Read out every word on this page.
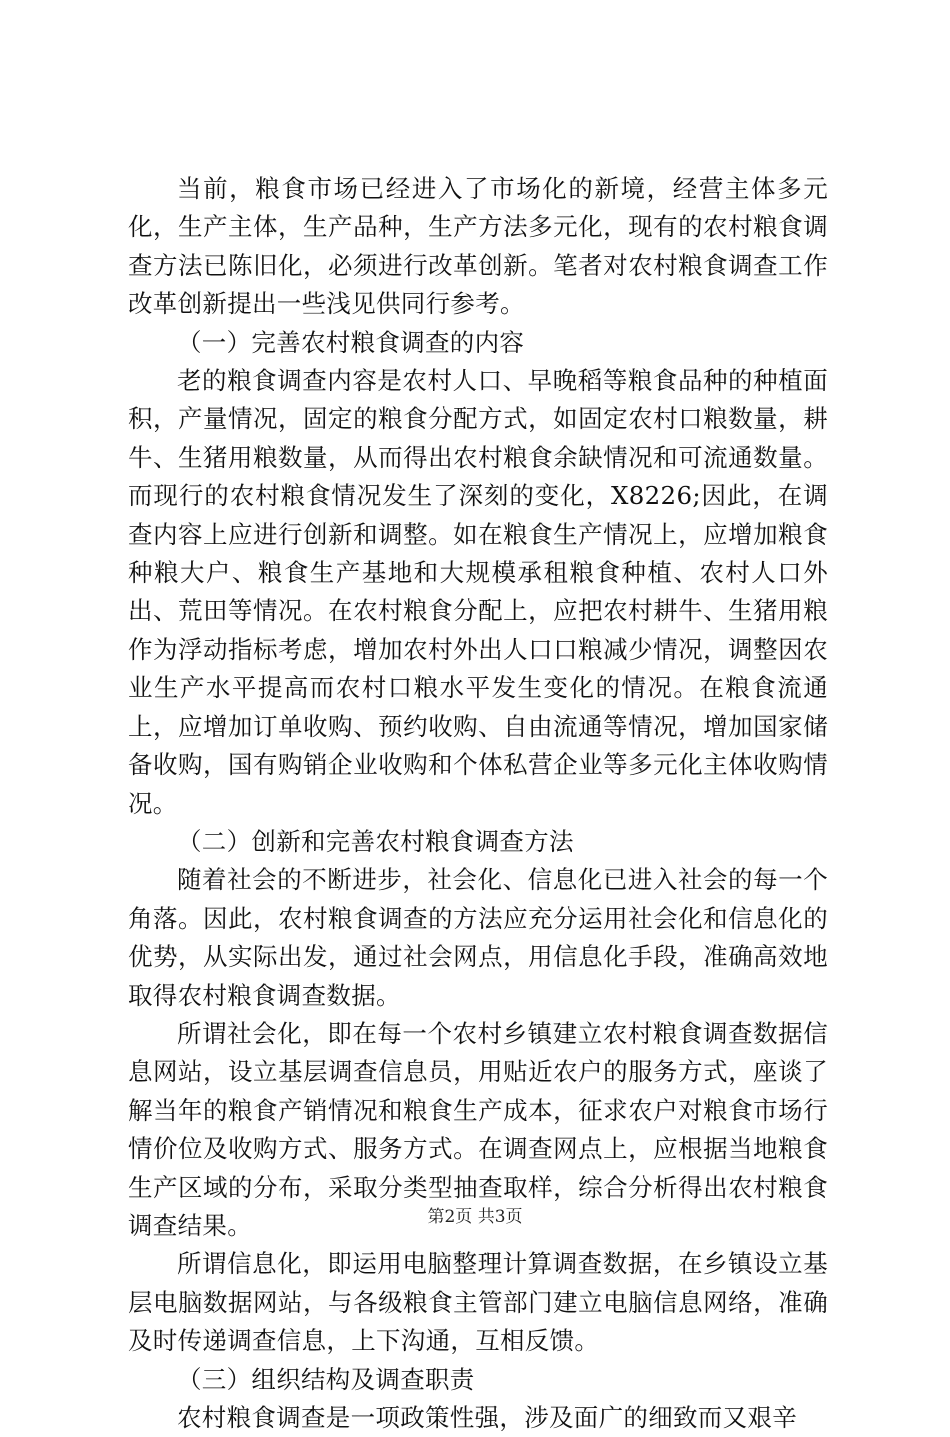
当前，粮食市场已经进入了市场化的新境，经营主体多元化，生产主体，生产品种，生产方法多元化，现有的农村粮食调查方法已陈旧化，必须进行改革创新。笔者对农村粮食调查工作改革创新提出一些浅见供同行参考。

（一）完善农村粮食调查的内容

老的粮食调查内容是农村人口、早晚稻等粮食品种的种植面积，产量情况，固定的粮食分配方式，如固定农村口粮数量，耕牛、生猪用粮数量，从而得出农村粮食余缺情况和可流通数量。而现行的农村粮食情况发生了深刻的变化，X8226;因此，在调查内容上应进行创新和调整。如在粮食生产情况上，应增加粮食种粮大户、粮食生产基地和大规模承租粮食种植、农村人口外出、荒田等情况。在农村粮食分配上，应把农村耕牛、生猪用粮作为浮动指标考虑，增加农村外出人口口粮减少情况，调整因农业生产水平提高而农村口粮水平发生变化的情况。在粮食流通上，应增加订单收购、预约收购、自由流通等情况，增加国家储备收购，国有购销企业收购和个体私营企业等多元化主体收购情况。

（二）创新和完善农村粮食调查方法

随着社会的不断进步，社会化、信息化已进入社会的每一个角落。因此，农村粮食调查的方法应充分运用社会化和信息化的优势，从实际出发，通过社会网点，用信息化手段，准确高效地取得农村粮食调查数据。

所谓社会化，即在每一个农村乡镇建立农村粮食调查数据信息网站，设立基层调查信息员，用贴近农户的服务方式，座谈了解当年的粮食产销情况和粮食生产成本，征求农户对粮食市场行情价位及收购方式、服务方式。在调查网点上，应根据当地粮食生产区域的分布，采取分类型抽查取样，综合分析得出农村粮食调查结果。

所谓信息化，即运用电脑整理计算调查数据，在乡镇设立基层电脑数据网站，与各级粮食主管部门建立电脑信息网络，准确及时传递调查信息，上下沟通，互相反馈。

（三）组织结构及调查职责

农村粮食调查是一项政策性强，涉及面广的细致而又艰辛

第2页 共3页
